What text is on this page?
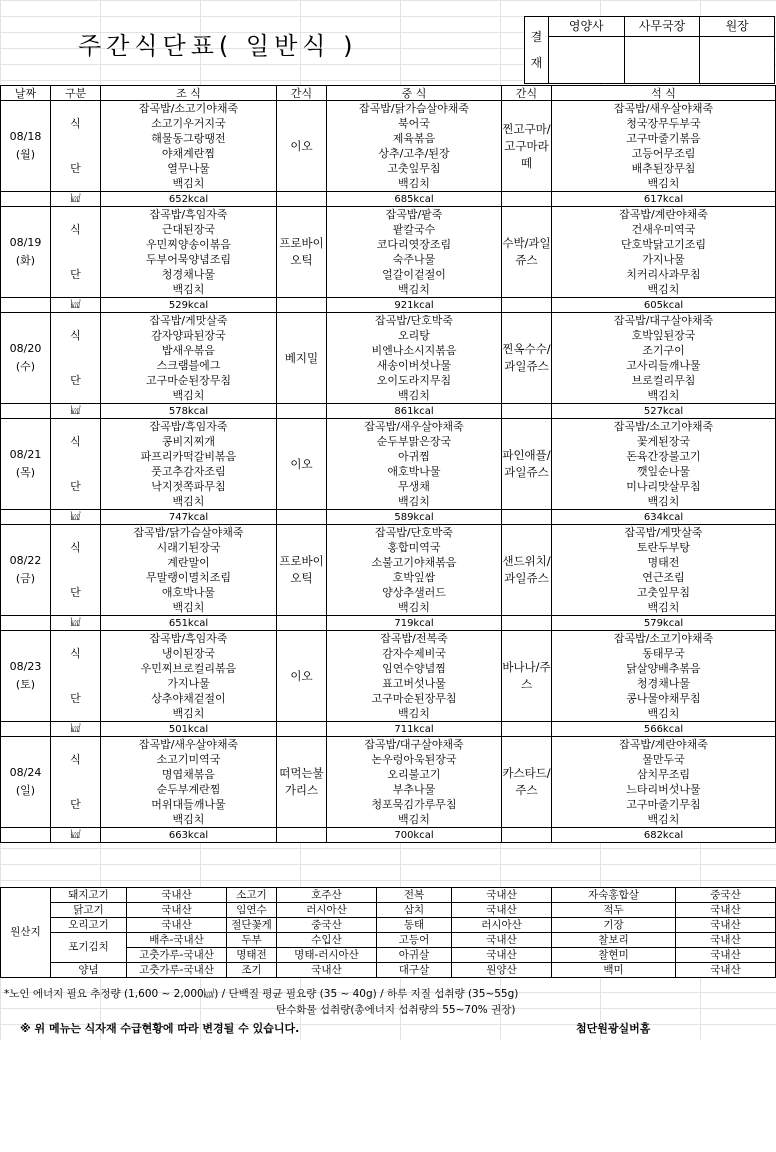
주간식단표( 일반식 )	결
재	영양사	사무국장	원장

날짜	구분	조 식	간식	중 식	간식	석 식
08/18
(월)	식	잡곡밥/소고기야채죽	이오	잡곡밥/닭가슴살야채죽	찐고구마/고구마라떼	잡곡밥/새우살야채죽
		소고기우거지국		북어국		청국장무두부국
		해물동그랑땡전		제육볶음		고구마줄기볶음
	단	야채계란찜		상추/고추/된장		고등어무조림
		열무나물		고춧잎무침		배추된장무침
		백김치		백김치		백김치
	㎉	652kcal		685kcal		617kcal
08/19
(화)	식	잡곡밥/흑임자죽	프로바이오틱	잡곡밥/팥죽	수박/과일쥬스	잡곡밥/계란야채죽
		근대된장국		팥칼국수		건새우미역국
		우민찌양송이볶음		코다리엿장조림		단호박닭고기조림
	단	두부어묵양념조림		숙주나물		가지나물
		청경채나물		얼갈이겉절이		치커리사과무침
		백김치		백김치		백김치
	㎉	529kcal		921kcal		605kcal
08/20
(수)	식	잡곡밥/게맛살죽	베지밀	잡곡밥/단호박죽	찐옥수수/과일쥬스	잡곡밥/대구살야채죽
		감자양파된장국		오리탕		호박잎된장국
		밥새우볶음		비엔나소시지볶음		조기구이
	단	스크램블에그		새송이버섯나물		고사리들깨나물
		고구마순된장무침		오이도라지무침		브로컬리무침
		백김치		백김치		백김치
	㎉	578kcal		861kcal		527kcal
08/21
(목)	식	잡곡밥/흑임자죽	이오	잡곡밥/새우살야채죽	파인애플/과일쥬스	잡곡밥/소고기야채죽
		콩비지찌개		순두부맑은장국		꽃게된장국
		파프리카떡갈비볶음		아귀찜		돈육간장불고기
	단	풋고추감자조림		애호박나물		깻잎순나물
		낙지젓쪽파무침		무생채		미나리맛살무침
		백김치		백김치		백김치
	㎉	747kcal		589kcal		634kcal
08/22
(금)	식	잡곡밥/닭가슴살야채죽	프로바이오틱	잡곡밥/단호박죽	샌드위치/과일쥬스	잡곡밥/게맛살죽
		시래기된장국		홍합미역국		토란두부탕
		계란말이		소불고기야채볶음		명태전
	단	무말랭이멸치조림		호박잎쌈		연근조림
		애호박나물		양상추샐러드		고춧잎무침
		백김치		백김치		백김치
	㎉	651kcal		719kcal		579kcal
08/23
(토)	식	잡곡밥/흑임자죽	이오	잡곡밥/전복죽	바나나/주스	잡곡밥/소고기야채죽
		냉이된장국		감자수제비국		동태무국
		우민찌브로컬리볶음		임연수양념찜		닭살양배추볶음
	단	가지나물		표고버섯나물		청경채나물
		상추야채겉절이		고구마순된장무침		콩나물야채무침
		백김치		백김치		백김치
	㎉	501kcal		711kcal		566kcal
08/24
(일)	식	잡곡밥/새우살야채죽	떠먹는불가리스	잡곡밥/대구살야채죽	카스타드/주스	잡곡밥/계란야채죽
		소고기미역국		논우렁아욱된장국		물만두국
		명엽채볶음		오리불고기		삼치무조림
	단	순두부계란찜		부추나물		느타리버섯나물
		머위대들깨나물		청포묵김가루무침		고구마줄기무침
		백김치		백김치		백김치
	㎉	663kcal		700kcal		682kcal
원산지	돼지고기	국내산	소고기	호주산	전복	국내산	자숙홍합살	중국산
	닭고기	국내산	임연수	러시아산	삼치	국내산	적두	국내산
	오리고기	국내산	절단꽃게	중국산	동태	러시아산	기장	국내산
	포기김치	배추-국내산	두부	수입산	고등어	국내산	찰보리	국내산
		고춧가루-국내산	명태전	명태-러시아산	아귀살	국내산	찰현미	국내산
	양념	고춧가루-국내산	조기	국내산	대구살	원양산	백미	국내산
*노인 에너지 필요 추정량 (1,600 ~ 2,000㎉) / 단백질 평균 필요량 (35 ~ 40g) / 하루 지질 섭취량 (35~55g)
탄수화물 섭취량(총에너지 섭취량의 55~70% 권장)
※ 위 메뉴는 식자재 수급현황에 따라 변경될 수 있습니다.	첨단원광실버홈
